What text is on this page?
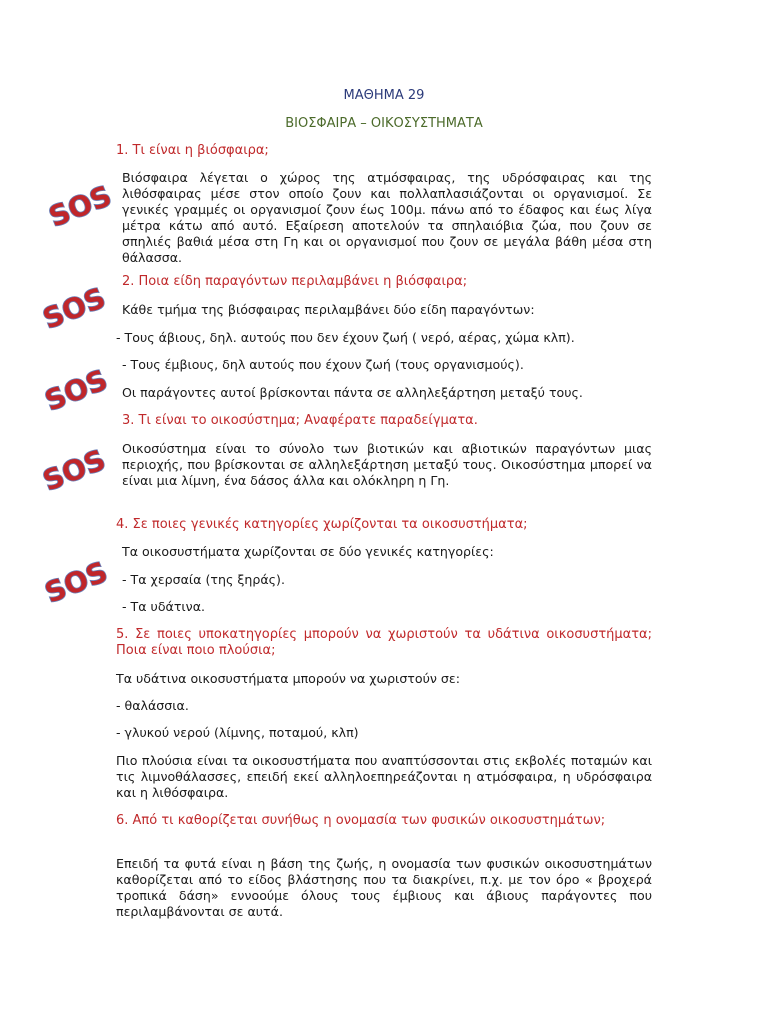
ΜΑΘΗΜΑ 29
ΒΙΟΣΦΑΙΡΑ – ΟΙΚΟΣΥΣΤΗΜΑΤΑ
SOS
SOS
SOS
SOS
SOS
1. Τι είναι η βιόσφαιρα;
Βιόσφαιρα λέγεται ο χώρος της ατμόσφαιρας, της υδρόσφαιρας και της λιθόσφαιρας μέσε στον οποίο ζουν και πολλαπλασιάζονται οι οργανισμοί. Σε γενικές γραμμές οι οργανισμοί ζουν έως 100μ. πάνω από το έδαφος και έως λίγα μέτρα κάτω από αυτό. Εξαίρεση αποτελούν τα σπηλαιόβια ζώα, που ζουν σε σπηλιές βαθιά μέσα στη Γη και οι οργανισμοί που ζουν σε μεγάλα βάθη μέσα στη θάλασσα.
2. Ποια είδη παραγόντων περιλαμβάνει η βιόσφαιρα;
Κάθε τμήμα της βιόσφαιρας περιλαμβάνει δύο είδη παραγόντων:
- Τους άβιους, δηλ. αυτούς που δεν έχουν ζωή ( νερό, αέρας, χώμα κλπ).
- Τους έμβιους, δηλ αυτούς που έχουν ζωή (τους οργανισμούς).
Οι παράγοντες αυτοί βρίσκονται πάντα σε αλληλεξάρτηση μεταξύ τους.
3. Τι είναι το οικοσύστημα; Αναφέρατε παραδείγματα.
Οικοσύστημα είναι το σύνολο των βιοτικών και αβιοτικών παραγόντων μιας περιοχής, που βρίσκονται σε αλληλεξάρτηση μεταξύ τους. Οικοσύστημα μπορεί να είναι μια λίμνη, ένα δάσος άλλα και ολόκληρη η Γη.
4. Σε ποιες γενικές κατηγορίες χωρίζονται τα οικοσυστήματα;
Τα οικοσυστήματα χωρίζονται σε δύο γενικές κατηγορίες:
- Τα χερσαία (της ξηράς).
- Τα υδάτινα.
5. Σε ποιες υποκατηγορίες μπορούν να χωριστούν τα υδάτινα οικοσυστήματα; Ποια είναι ποιο πλούσια;
Τα υδάτινα οικοσυστήματα μπορούν να χωριστούν σε:
- θαλάσσια.
- γλυκού νερού (λίμνης, ποταμού, κλπ)
Πιο πλούσια είναι τα οικοσυστήματα που αναπτύσσονται στις εκβολές ποταμών και τις λιμνοθάλασσες, επειδή εκεί αλληλοεπηρεάζονται η ατμόσφαιρα, η υδρόσφαιρα και η λιθόσφαιρα.
6. Από τι καθορίζεται συνήθως η ονομασία των φυσικών οικοσυστημάτων;
Επειδή τα φυτά είναι η βάση της ζωής, η ονομασία των φυσικών οικοσυστημάτων καθορίζεται από το είδος βλάστησης που τα διακρίνει, π.χ. με τον όρο « βροχερά τροπικά δάση» εννοούμε όλους τους έμβιους και άβιους παράγοντες που περιλαμβάνονται σε αυτά.
